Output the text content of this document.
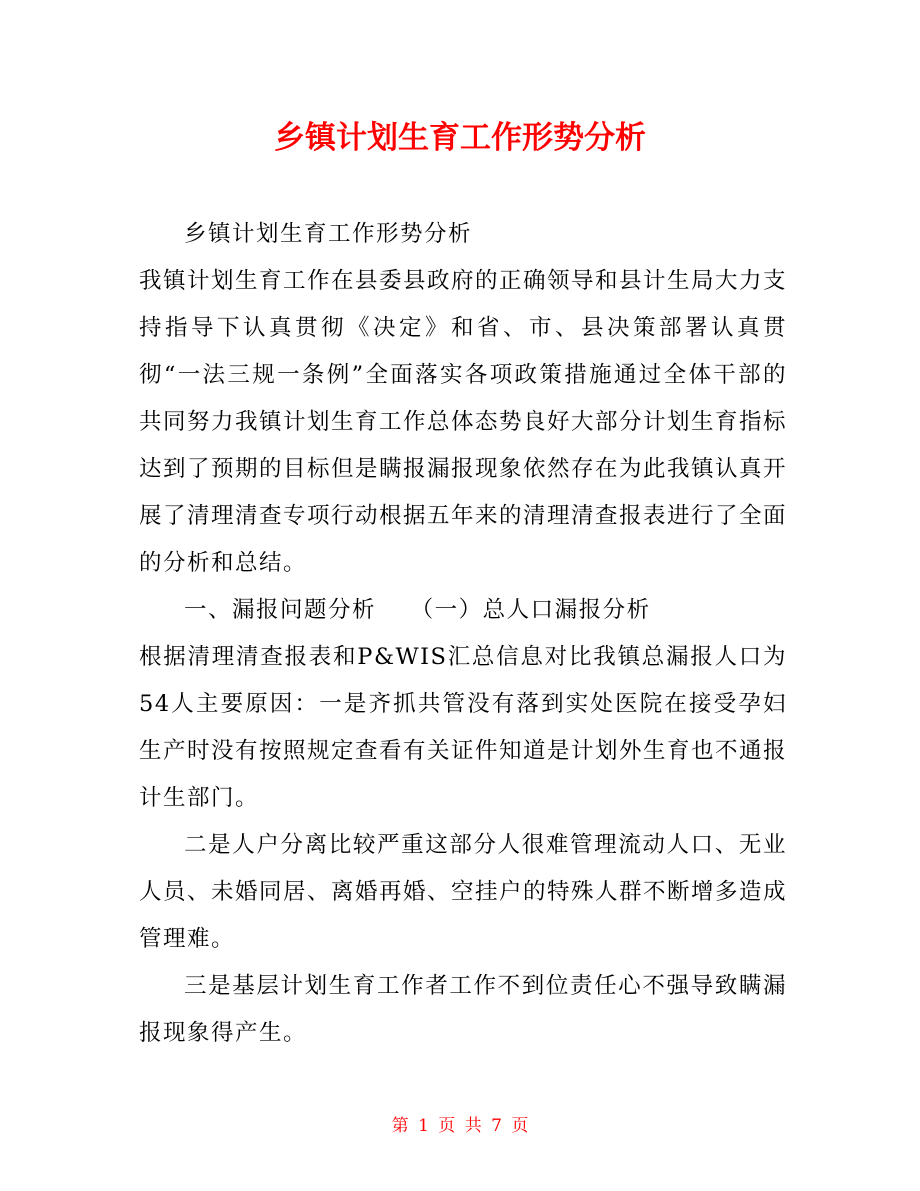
乡镇计划生育工作形势分析

乡镇计划生育工作形势分析

我镇计划生育工作在县委县政府的正确领导和县计生局大力支持指导下认真贯彻《决定》和省、市、县决策部署认真贯彻“一法三规一条例”全面落实各项政策措施通过全体干部的共同努力我镇计划生育工作总体态势良好大部分计划生育指标达到了预期的目标但是瞒报漏报现象依然存在为此我镇认真开展了清理清查专项行动根据五年来的清理清查报表进行了全面的分析和总结。

一、漏报问题分析    （一）总人口漏报分析

根据清理清查报表和P&WIS汇总信息对比我镇总漏报人口为54人主要原因：一是齐抓共管没有落到实处医院在接受孕妇生产时没有按照规定查看有关证件知道是计划外生育也不通报计生部门。

二是人户分离比较严重这部分人很难管理流动人口、无业人员、未婚同居、离婚再婚、空挂户的特殊人群不断增多造成管理难。

三是基层计划生育工作者工作不到位责任心不强导致瞒漏报现象得产生。

第 1 页 共 7 页
